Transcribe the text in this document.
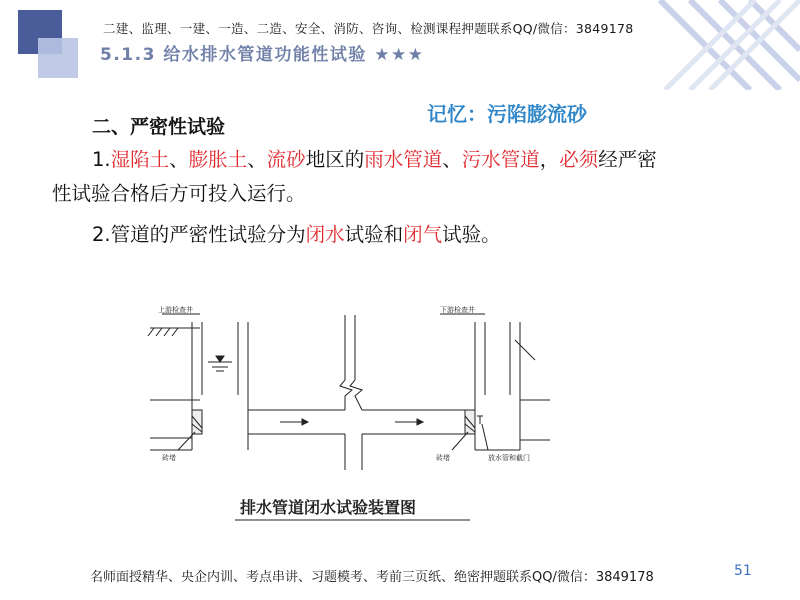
二建、监理、一建、一造、二造、安全、消防、咨询、检测课程押题联系QQ/微信：3849178
5.1.3 给水排水管道功能性试验 ★★★
记忆：污陷膨流砂
二、严密性试验
1.湿陷土、膨胀土、流砂地区的雨水管道、污水管道，必须经严密
性试验合格后方可投入运行。
2.管道的严密性试验分为闭水试验和闭气试验。
上游检查井	下游检查井
砖堵	砖堵	放水管和截门
排水管道闭水试验装置图
名师面授精华、央企内训、考点串讲、习题模考、考前三页纸、绝密押题联系QQ/微信：3849178	51
